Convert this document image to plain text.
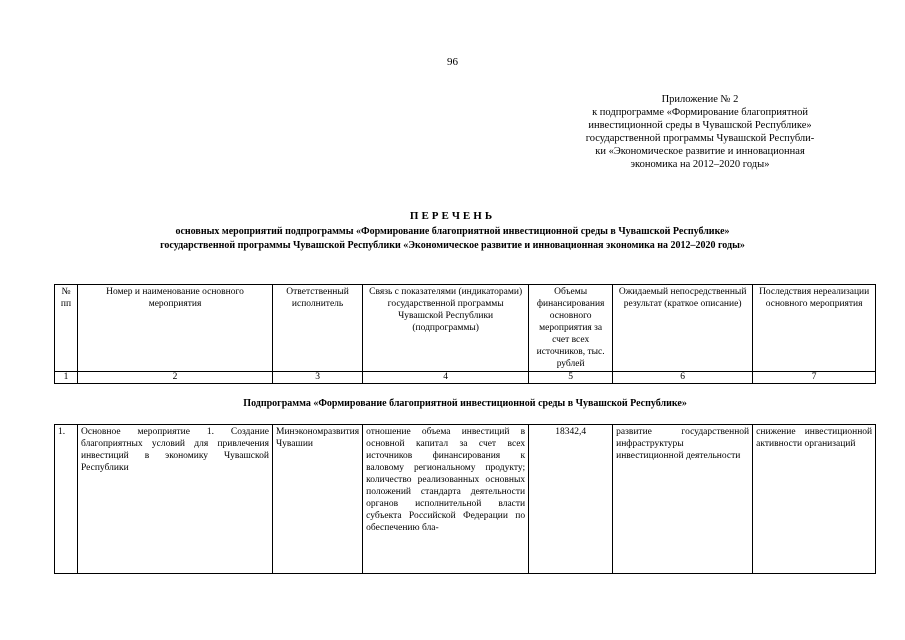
96
Приложение № 2
к подпрограмме «Формирование благоприятной
инвестиционной среды в Чувашской Республике»
государственной программы Чувашской Республи-
ки «Экономическое развитие и инновационная
экономика на 2012–2020 годы»
ПЕРЕЧЕНЬ
основных мероприятий подпрограммы «Формирование благоприятной инвестиционной среды в Чувашской Республике»
государственной программы Чувашской Республики «Экономическое развитие и инновационная экономика на 2012–2020 годы»
№ пп	Номер и наименование основного мероприятия	Ответственный исполнитель	Связь с показателями (индикаторами) государственной программы Чувашской Республики (подпрограммы)	Объемы финансирования основного мероприятия за счет всех источников, тыс. рублей	Ожидаемый непосредственный результат (краткое описание)	Последствия нереализации основного мероприятия
1	2	3	4	5	6	7
Подпрограмма «Формирование благоприятной инвестиционной среды в Чувашской Республике»						
1.	Основное мероприятие 1. Создание благоприятных условий для привлечения инвестиций в экономику Чувашской Республики	Минэкономразвития Чувашии	отношение объема инвестиций в основной капитал за счет всех источников финансирования к валовому региональному продукту; количество реализованных основных положений стандарта деятельности органов исполнительной власти субъекта Российской Федерации по обеспечению бла-	18342,4	развитие государственной инфраструктуры инвестиционной деятельности	снижение инвестиционной активности организаций
